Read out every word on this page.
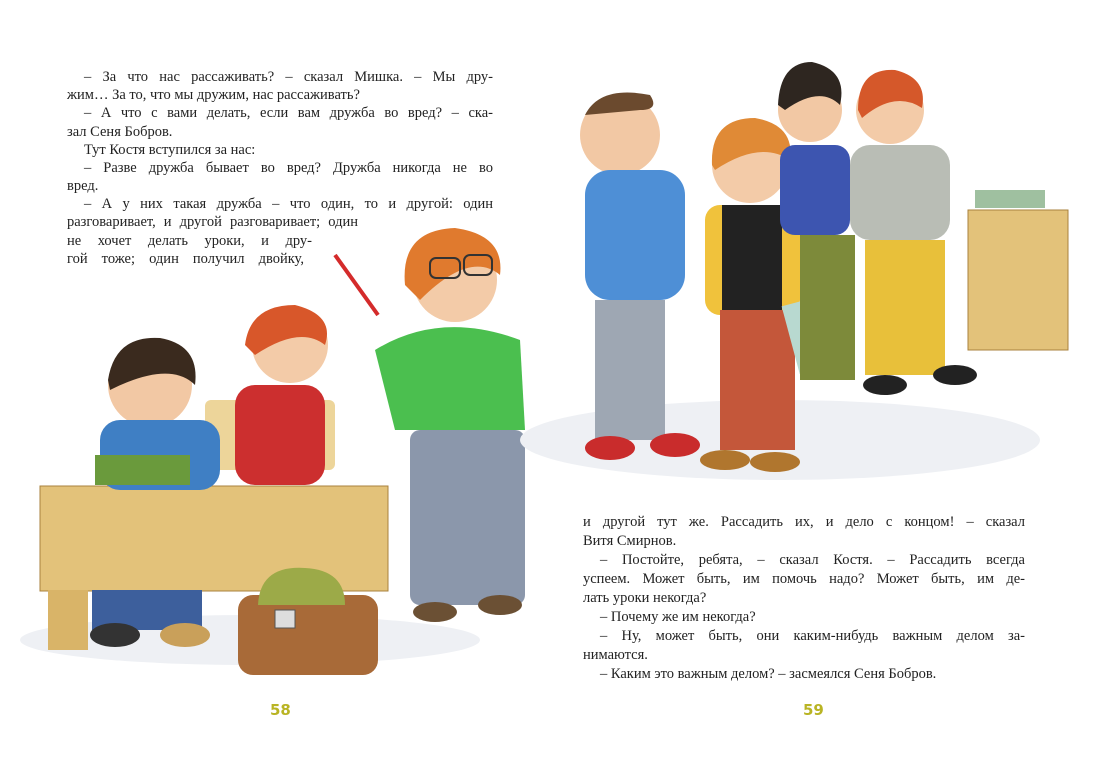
– За что нас рассаживать? – сказал Мишка. – Мы дру-
жим… За то, что мы дружим, нас рассаживать?
– А что с вами делать, если вам дружба во вред? – ска-
зал Сеня Бобров.
Тут Костя вступился за нас:
– Разве дружба бывает во вред? Дружба никогда не во
вред.
– А у них такая дружба – что один, то и другой: один
разговаривает, и другой разговаривает; один
не хочет делать уроки, и дру-
гой тоже; один получил двойку,
и другой тут же. Рассадить их, и дело с концом! – сказал
Витя Смирнов.
– Постойте, ребята, – сказал Костя. – Рассадить всегда
успеем. Может быть, им помочь надо? Может быть, им де-
лать уроки некогда?
– Почему же им некогда?
– Ну, может быть, они каким-нибудь важным делом за-
нимаются.
– Каким это важным делом? – засмеялся Сеня Бобров.
58	59
